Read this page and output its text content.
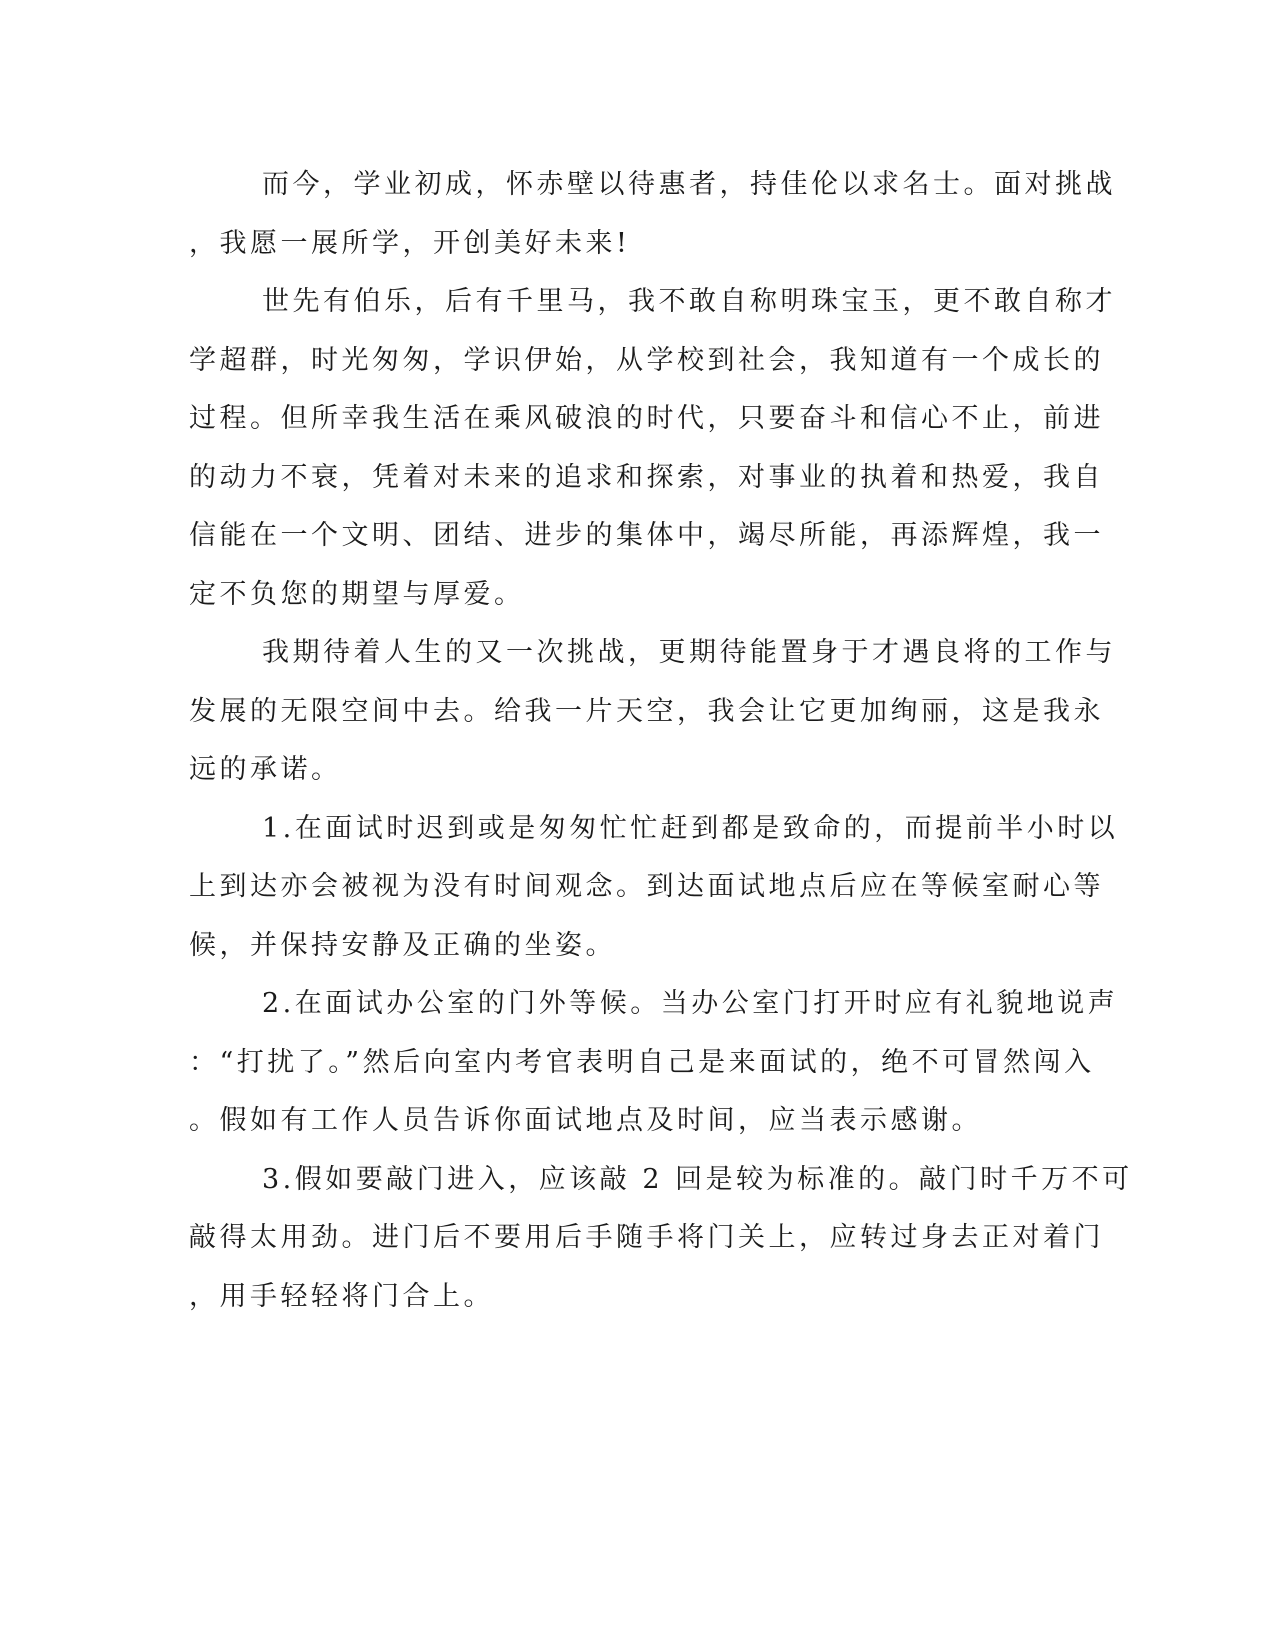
而今，学业初成，怀赤壁以待惠者，持佳伦以求名士。面对挑战

，我愿一展所学，开创美好未来!

世先有伯乐，后有千里马，我不敢自称明珠宝玉，更不敢自称才

学超群，时光匆匆，学识伊始，从学校到社会，我知道有一个成长的

过程。但所幸我生活在乘风破浪的时代，只要奋斗和信心不止，前进

的动力不衰，凭着对未来的追求和探索，对事业的执着和热爱，我自

信能在一个文明、团结、进步的集体中，竭尽所能，再添辉煌，我一

定不负您的期望与厚爱。

我期待着人生的又一次挑战，更期待能置身于才遇良将的工作与

发展的无限空间中去。给我一片天空，我会让它更加绚丽，这是我永

远的承诺。

1.在面试时迟到或是匆匆忙忙赶到都是致命的，而提前半小时以

上到达亦会被视为没有时间观念。到达面试地点后应在等候室耐心等

候，并保持安静及正确的坐姿。

2.在面试办公室的门外等候。当办公室门打开时应有礼貌地说声

：“打扰了。”然后向室内考官表明自己是来面试的，绝不可冒然闯入

。假如有工作人员告诉你面试地点及时间，应当表示感谢。

3.假如要敲门进入，应该敲 2 回是较为标准的。敲门时千万不可

敲得太用劲。进门后不要用后手随手将门关上，应转过身去正对着门

，用手轻轻将门合上。
